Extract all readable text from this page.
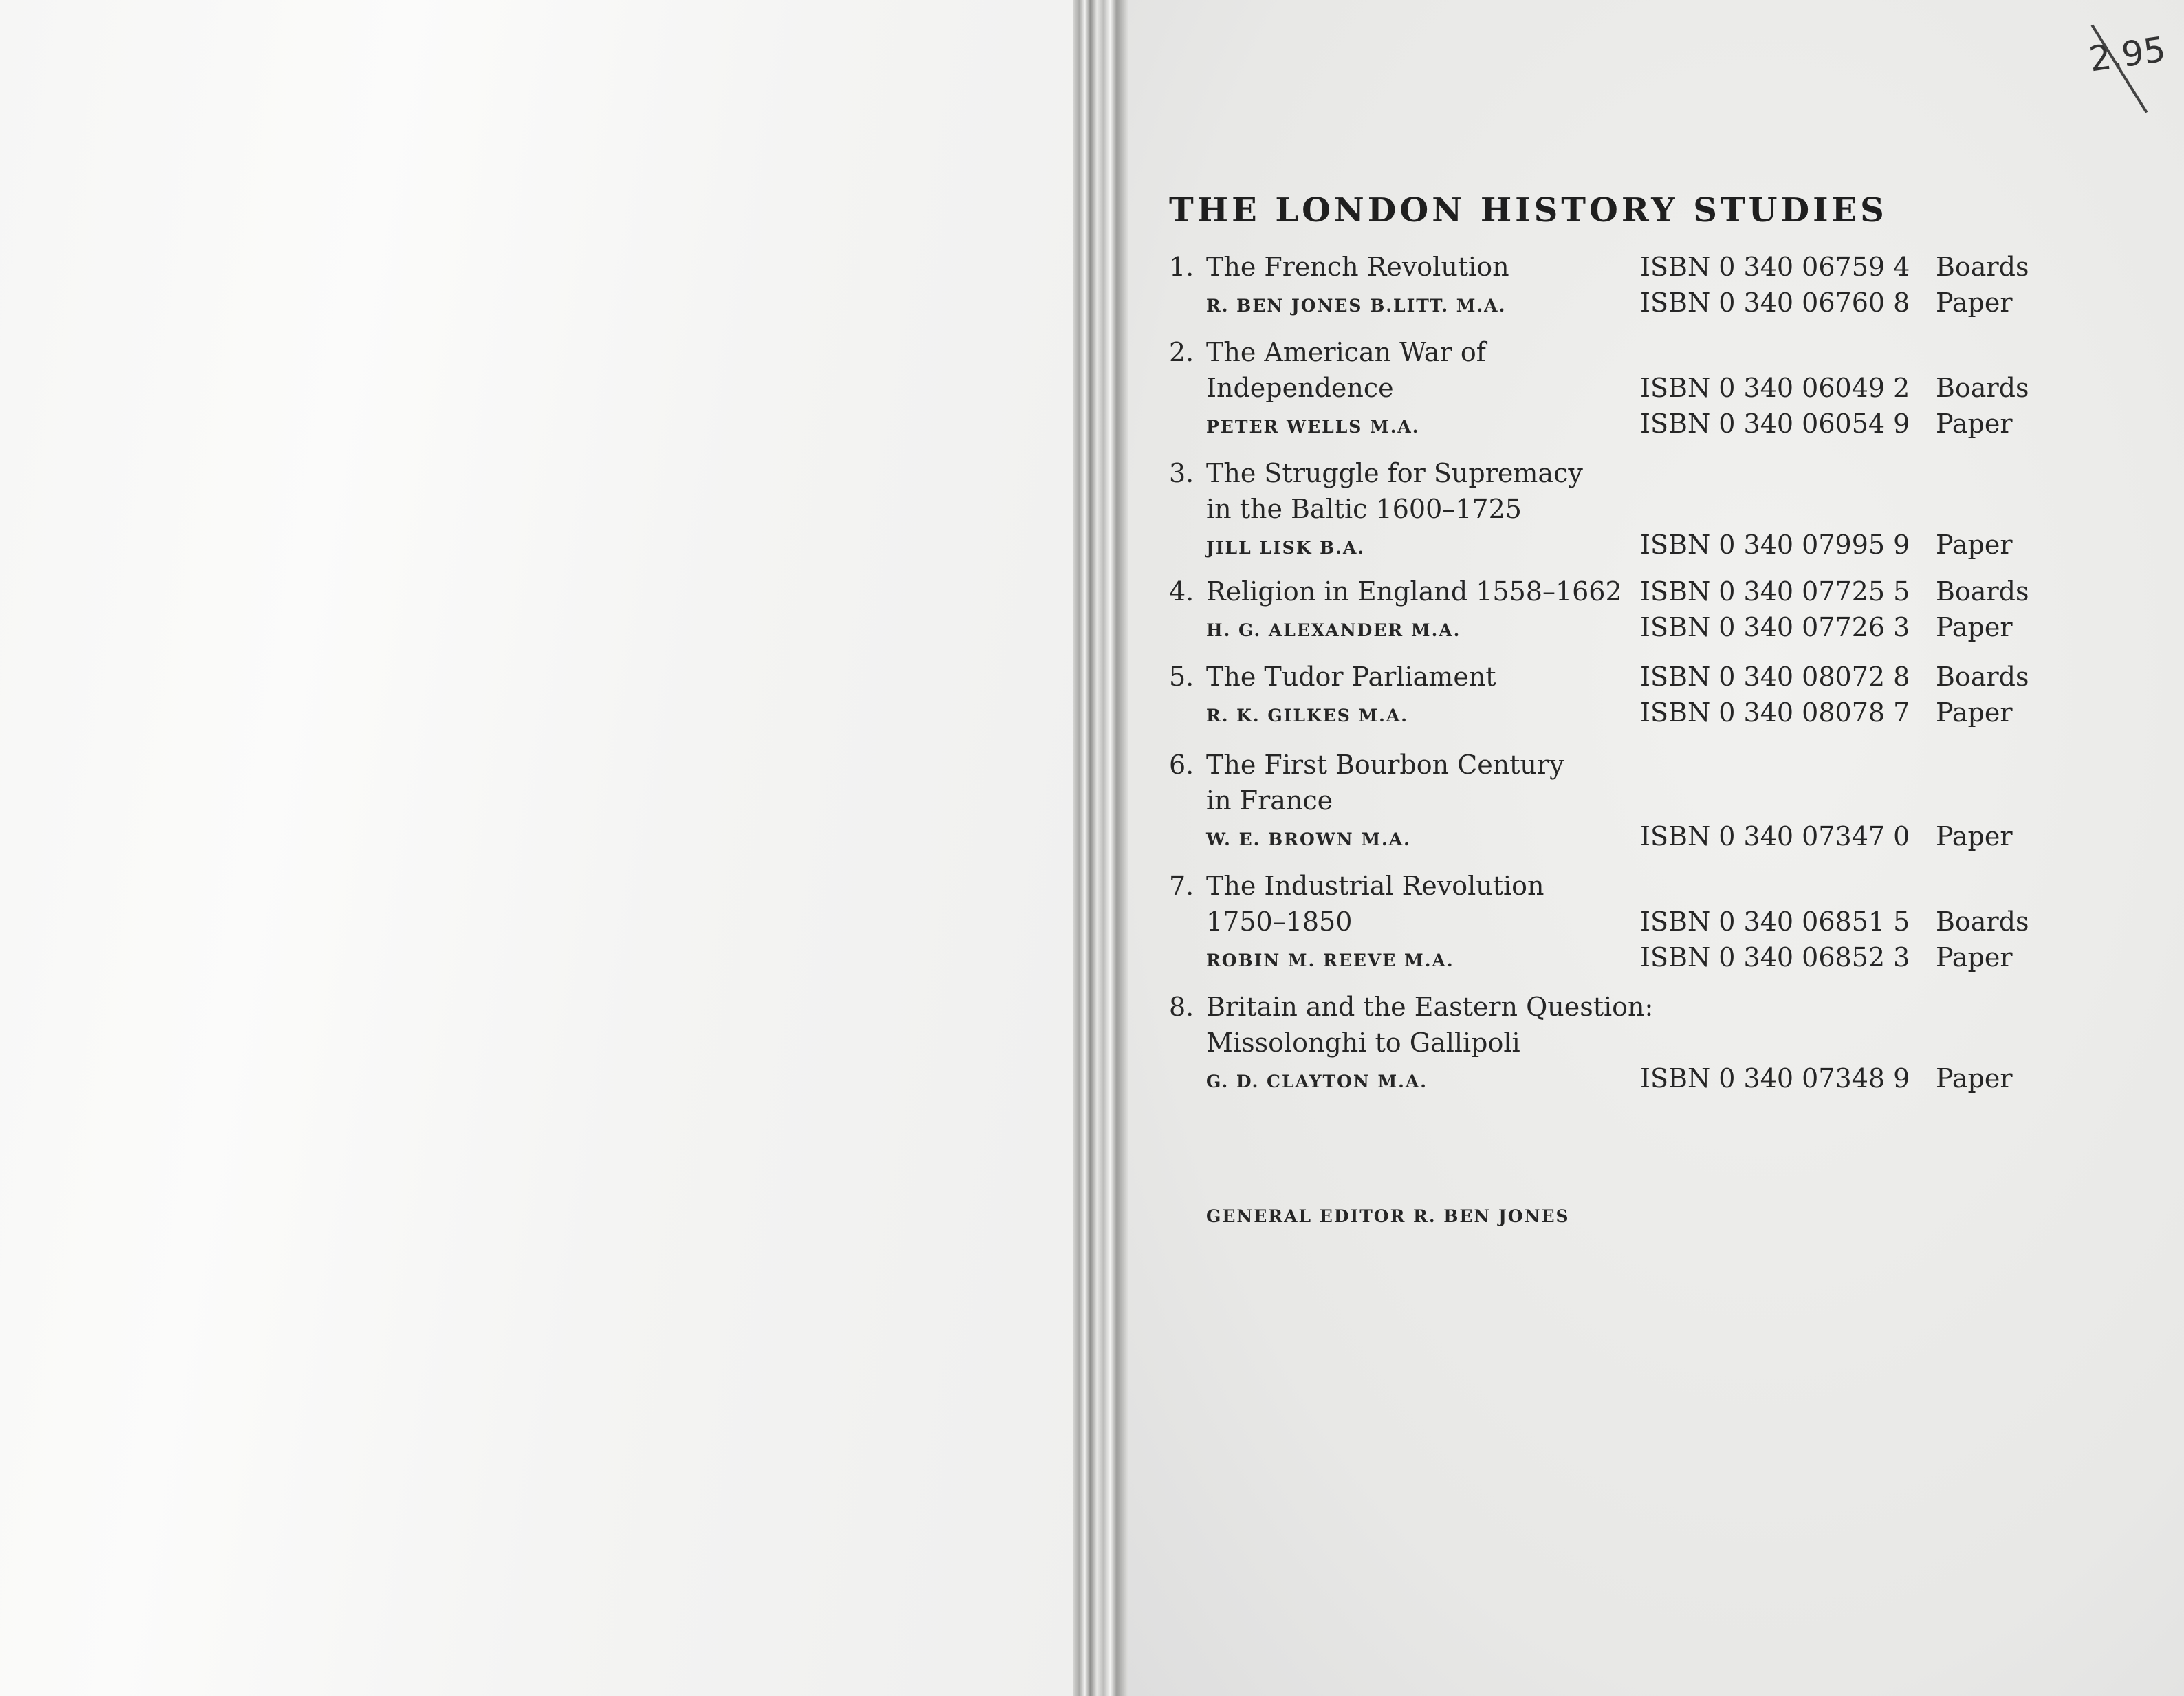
2.95
THE LONDON HISTORY STUDIES
1. The French Revolution	ISBN 0 340 06759 4 Boards
R. BEN JONES B.LITT. M.A.	ISBN 0 340 06760 8 Paper
2. The American War of
Independence	ISBN 0 340 06049 2 Boards
PETER WELLS M.A.	ISBN 0 340 06054 9 Paper
3. The Struggle for Supremacy
in the Baltic 1600–1725
JILL LISK B.A.	ISBN 0 340 07995 9 Paper
4. Religion in England 1558–1662 ISBN 0 340 07725 5 Boards
H. G. ALEXANDER M.A.	ISBN 0 340 07726 3 Paper
5. The Tudor Parliament	ISBN 0 340 08072 8 Boards
R. K. GILKES M.A.	ISBN 0 340 08078 7 Paper
6. The First Bourbon Century
in France
W. E. BROWN M.A.	ISBN 0 340 07347 0 Paper
7. The Industrial Revolution
1750–1850	ISBN 0 340 06851 5 Boards
ROBIN M. REEVE M.A.	ISBN 0 340 06852 3 Paper
8. Britain and the Eastern Question:
Missolonghi to Gallipoli
G. D. CLAYTON M.A.	ISBN 0 340 07348 9 Paper
GENERAL EDITOR R. BEN JONES
